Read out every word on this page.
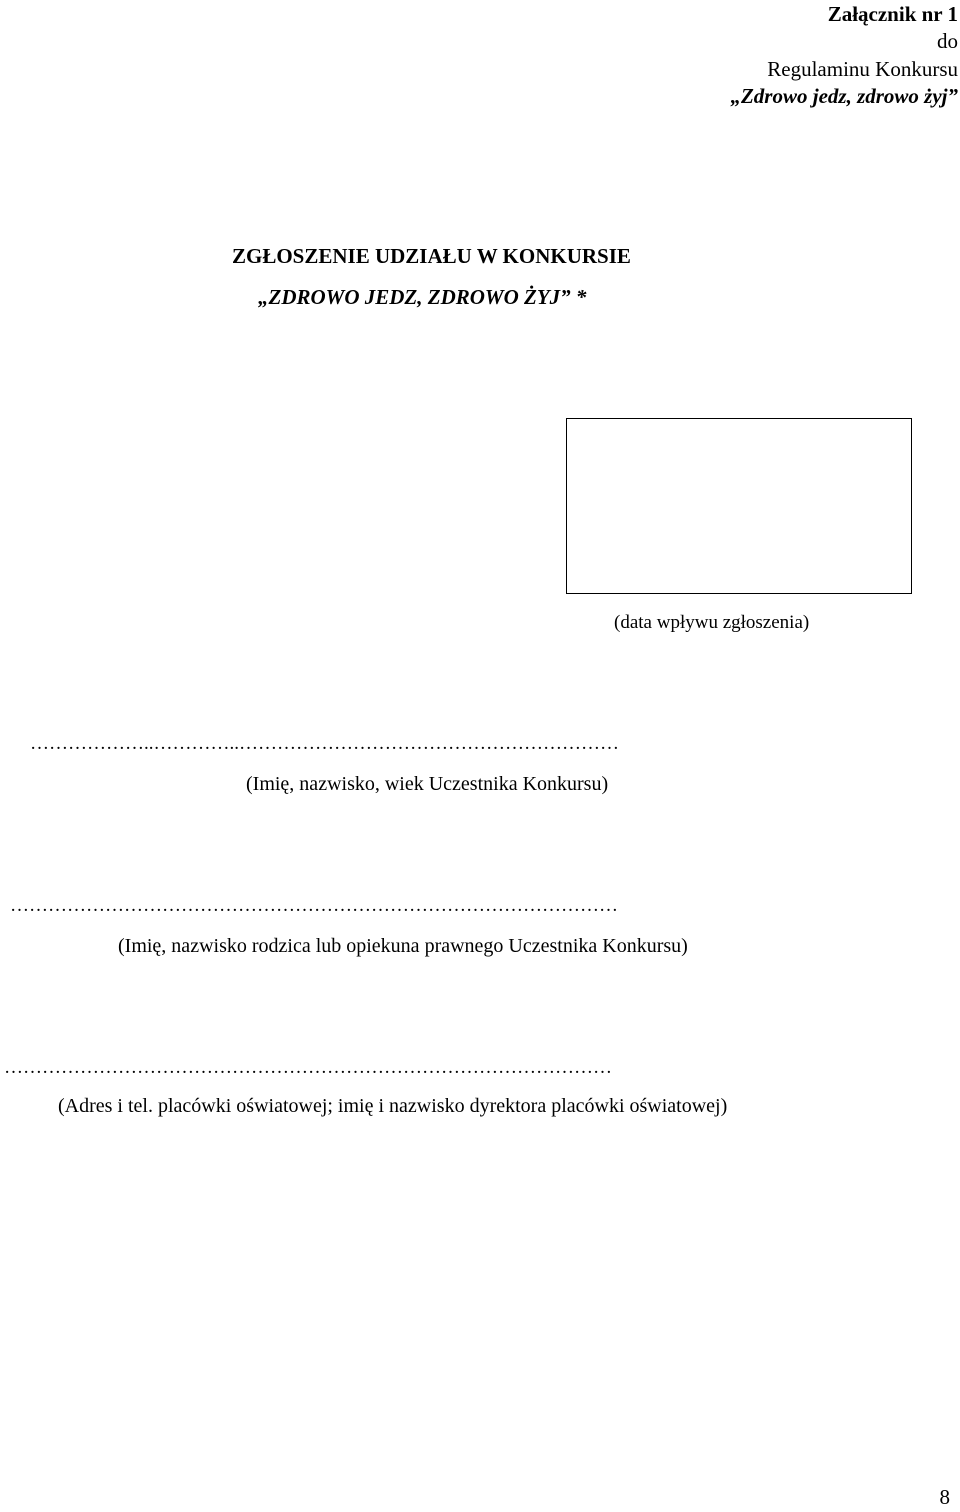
Załącznik nr 1
do
Regulaminu Konkursu
„Zdrowo jedz, zdrowo żyj”
ZGŁOSZENIE UDZIAŁU W KONKURSIE
„ZDROWO JEDZ, ZDROWO ŻYJ” *
(data wpływu zgłoszenia)
………………..…………..……………………………………………………
(Imię, nazwisko, wiek Uczestnika Konkursu)
……………………………………………………………………………………
(Imię, nazwisko rodzica lub opiekuna prawnego Uczestnika Konkursu)
……………………………………………………………………………………
(Adres i tel. placówki oświatowej; imię i nazwisko dyrektora placówki oświatowej)
8
